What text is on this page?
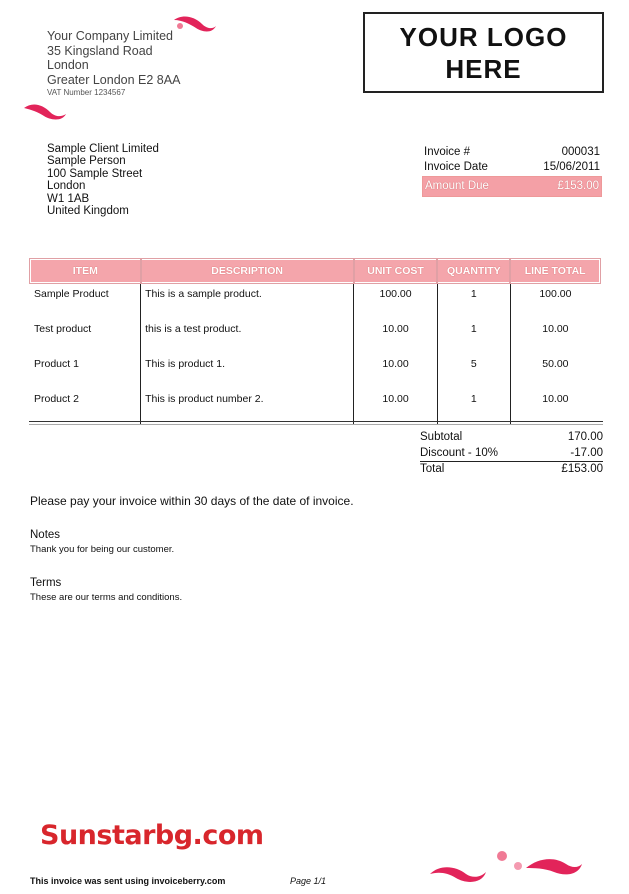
Your Company Limited
35 Kingsland Road
London
Greater London E2 8AA
VAT Number 1234567
YOUR LOGO
HERE
Sample Client Limited
Sample Person
100 Sample Street
London
W1 1AB
United Kingdom
Invoice #	000031
Invoice Date	15/06/2011
Amount Due	£153.00
ITEM	DESCRIPTION	UNIT COST	QUANTITY	LINE TOTAL
Sample Product	This is a sample product.	100.00	1	100.00
Test product	this is a test product.	10.00	1	10.00
Product 1	This is product 1.	10.00	5	50.00
Product 2	This is product number 2.	10.00	1	10.00
Subtotal	170.00
Discount - 10%	-17.00
Total	£153.00
Please pay your invoice within 30 days of the date of invoice.
Notes
Thank you for being our customer.
Terms
These are our terms and conditions.
Sunstarbg.com
This invoice was sent using invoiceberry.com	Page 1/1
